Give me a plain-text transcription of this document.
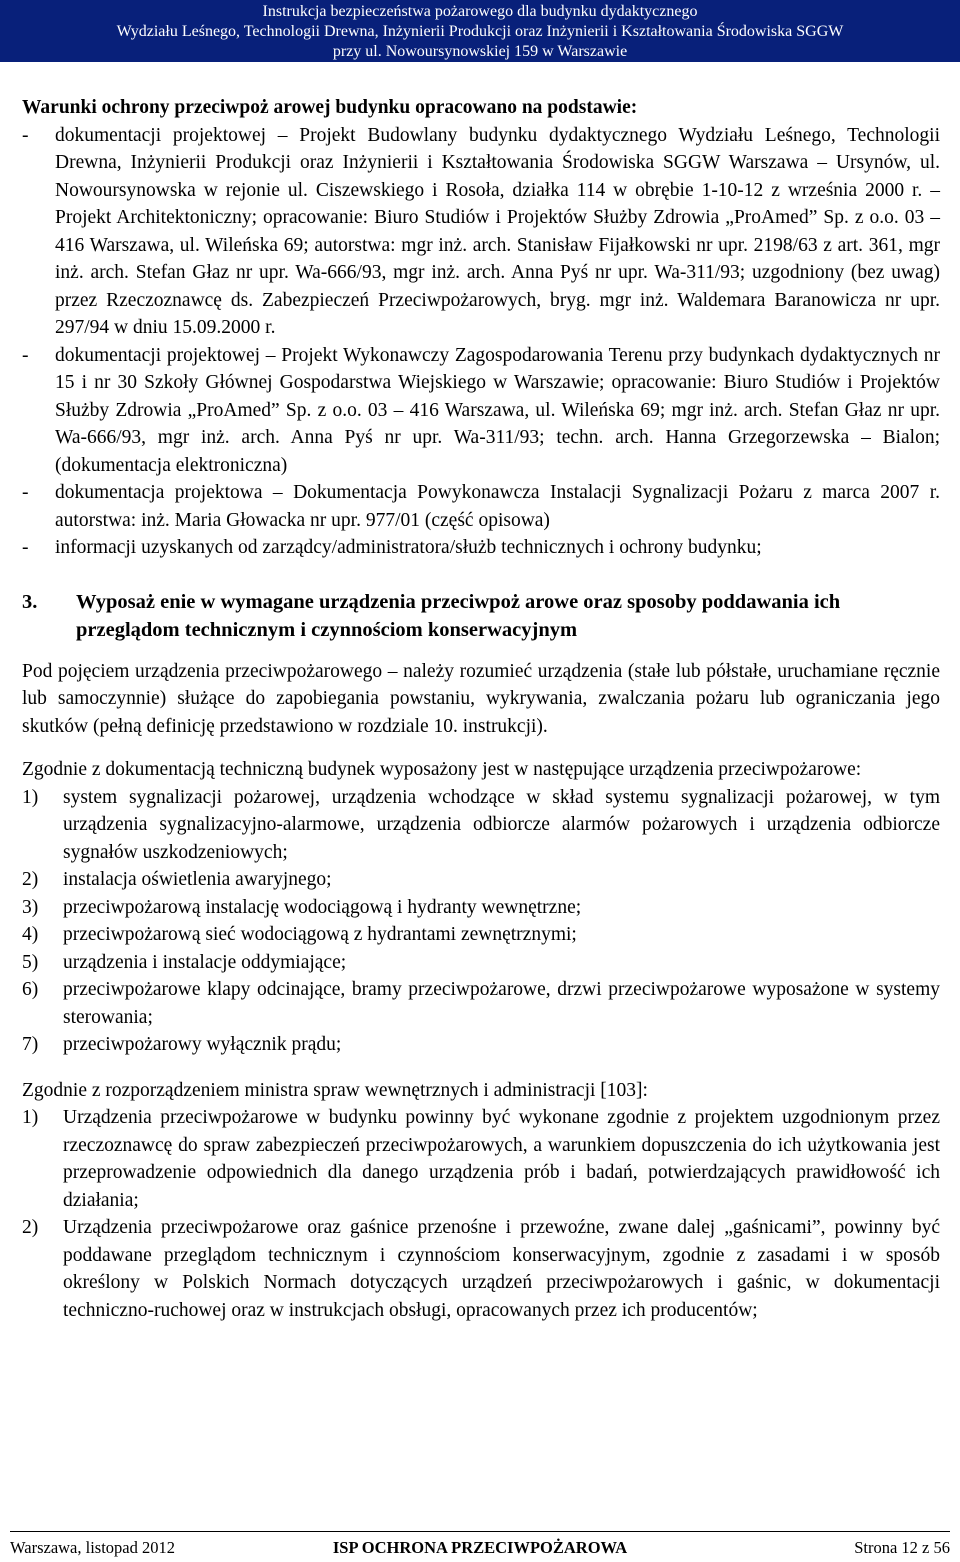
Instrukcja bezpieczeństwa pożarowego dla budynku dydaktycznego
Wydziału Leśnego, Technologii Drewna, Inżynierii Produkcji oraz Inżynierii i Kształtowania Środowiska SGGW
przy ul. Nowoursynowskiej 159 w Warszawie

Warunki ochrony przeciwpoż arowej budynku opracowano na podstawie:

- dokumentacji projektowej – Projekt Budowlany budynku dydaktycznego Wydziału Leśnego, Technologii Drewna, Inżynierii Produkcji oraz Inżynierii i Kształtowania Środowiska SGGW Warszawa – Ursynów, ul. Nowoursynowska w rejonie ul. Ciszewskiego i Rosoła, działka 114 w obrębie 1-10-12 z września 2000 r. – Projekt Architektoniczny; opracowanie: Biuro Studiów i Projektów Służby Zdrowia „ProAmed” Sp. z o.o. 03 – 416 Warszawa, ul. Wileńska 69; autorstwa: mgr inż. arch. Stanisław Fijałkowski nr upr. 2198/63 z art. 361, mgr inż. arch. Stefan Głaz nr upr. Wa-666/93, mgr inż. arch. Anna Pyś nr upr. Wa-311/93; uzgodniony (bez uwag) przez Rzeczoznawcę ds. Zabezpieczeń Przeciwpożarowych, bryg. mgr inż. Waldemara Baranowicza nr upr. 297/94 w dniu 15.09.2000 r.
- dokumentacji projektowej – Projekt Wykonawczy Zagospodarowania Terenu przy budynkach dydaktycznych nr 15 i nr 30 Szkoły Głównej Gospodarstwa Wiejskiego w Warszawie; opracowanie: Biuro Studiów i Projektów Służby Zdrowia „ProAmed” Sp. z o.o. 03 – 416 Warszawa, ul. Wileńska 69; mgr inż. arch. Stefan Głaz nr upr. Wa-666/93, mgr inż. arch. Anna Pyś nr upr. Wa-311/93; techn. arch. Hanna Grzegorzewska – Bialon; (dokumentacja elektroniczna)
- dokumentacja projektowa – Dokumentacja Powykonawcza Instalacji Sygnalizacji Pożaru z marca 2007 r. autorstwa: inż. Maria Głowacka nr upr. 977/01 (część opisowa)
- informacji uzyskanych od zarządcy/administratora/służb technicznych i ochrony budynku;
3. Wyposaż enie w wymagane urządzenia przeciwpoż arowe oraz sposoby poddawania ich przeglądom technicznym i czynnościom konserwacyjnym

Pod pojęciem urządzenia przeciwpożarowego – należy rozumieć urządzenia (stałe lub półstałe, uruchamiane ręcznie lub samoczynnie) służące do zapobiegania powstaniu, wykrywania, zwalczania pożaru lub ograniczania jego skutków (pełną definicję przedstawiono w rozdziale 10. instrukcji).

Zgodnie z dokumentacją techniczną budynek wyposażony jest w następujące urządzenia przeciwpożarowe:

1) system sygnalizacji pożarowej, urządzenia wchodzące w skład systemu sygnalizacji pożarowej, w tym urządzenia sygnalizacyjno-alarmowe, urządzenia odbiorcze alarmów pożarowych i urządzenia odbiorcze sygnałów uszkodzeniowych;
2) instalacja oświetlenia awaryjnego;
3) przeciwpożarową instalację wodociągową i hydranty wewnętrzne;
4) przeciwpożarową sieć wodociągową z hydrantami zewnętrznymi;
5) urządzenia i instalacje oddymiające;
6) przeciwpożarowe klapy odcinające, bramy przeciwpożarowe, drzwi przeciwpożarowe wyposażone w systemy sterowania;
7) przeciwpożarowy wyłącznik prądu;

Zgodnie z rozporządzeniem ministra spraw wewnętrznych i administracji [103]:

1) Urządzenia przeciwpożarowe w budynku powinny być wykonane zgodnie z projektem uzgodnionym przez rzeczoznawcę do spraw zabezpieczeń przeciwpożarowych, a warunkiem dopuszczenia do ich użytkowania jest przeprowadzenie odpowiednich dla danego urządzenia prób i badań, potwierdzających prawidłowość ich działania;
2) Urządzenia przeciwpożarowe oraz gaśnice przenośne i przewoźne, zwane dalej „gaśnicami”, powinny być poddawane przeglądom technicznym i czynnościom konserwacyjnym, zgodnie z zasadami i w sposób określony w Polskich Normach dotyczących urządzeń przeciwpożarowych i gaśnic, w dokumentacji techniczno-ruchowej oraz w instrukcjach obsługi, opracowanych przez ich producentów;
Warszawa, listopad 2012	ISP OCHRONA PRZECIWPOŻAROWA	Strona 12 z 56
